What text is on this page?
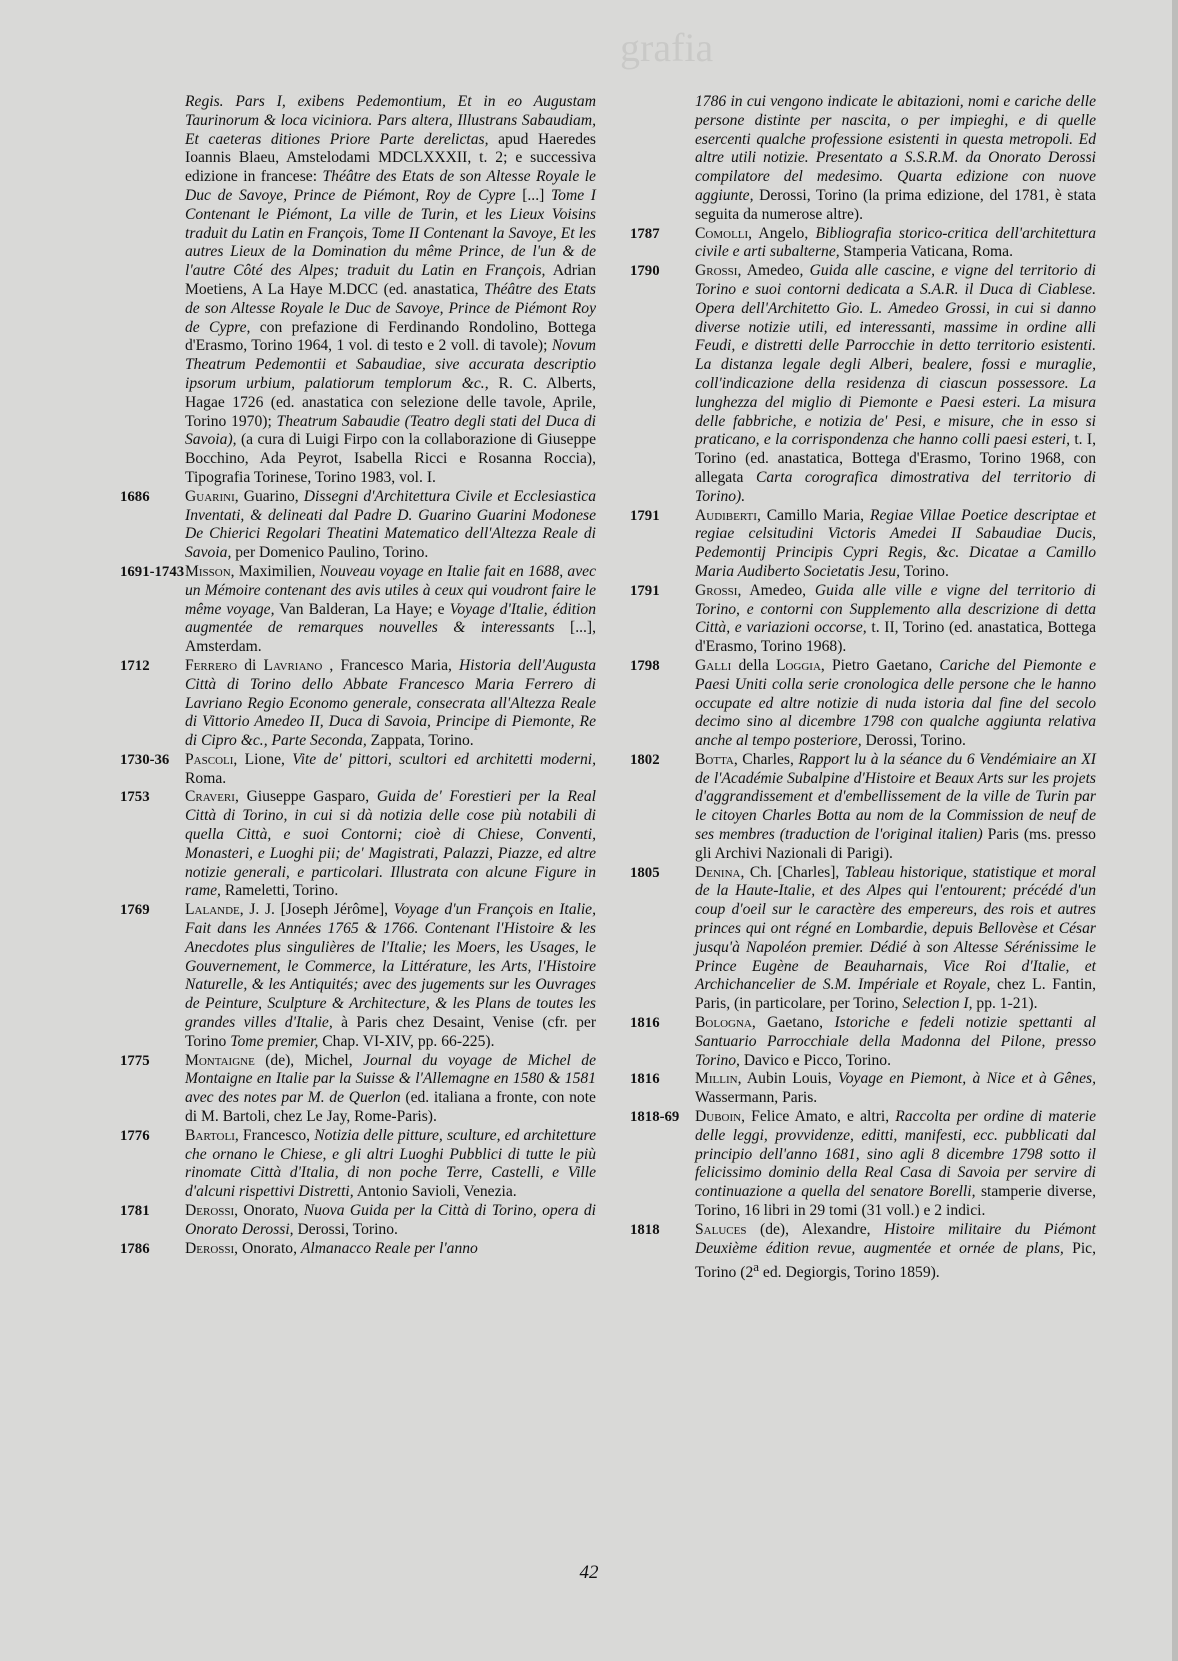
grafia
Regis. Pars I, exibens Pedemontium, Et in eo Augustam Taurinorum & loca viciniora. Pars altera, Illustrans Sabaudiam, Et caeteras ditiones Priore Parte derelictas, apud Haeredes Ioannis Blaeu, Amstelodami MDCLXXXII, t. 2; e successiva edizione in francese: Théâtre des Etats de son Altesse Royale le Duc de Savoye, Prince de Piémont, Roy de Cypre [...] Tome I Contenant le Piémont, La ville de Turin, et les Lieux Voisins traduit du Latin en François, Tome II Contenant la Savoye, Et les autres Lieux de la Domination du même Prince, de l'un & de l'autre Côté des Alpes; traduit du Latin en François, Adrian Moetiens, A La Haye M.DCC (ed. anastatica, Théâtre des Etats de son Altesse Royale le Duc de Savoye, Prince de Piémont Roy de Cypre, con prefazione di Ferdinando Rondolino, Bottega d'Erasmo, Torino 1964, 1 vol. di testo e 2 voll. di tavole); Novum Theatrum Pedemontii et Sabaudiae, sive accurata descriptio ipsorum urbium, palatiorum templorum &c., R. C. Alberts, Hagae 1726 (ed. anastatica con selezione delle tavole, Aprile, Torino 1970); Theatrum Sabaudie (Teatro degli stati del Duca di Savoia), (a cura di Luigi Firpo con la collaborazione di Giuseppe Bocchino, Ada Peyrot, Isabella Ricci e Rosanna Roccia), Tipografia Torinese, Torino 1983, vol. I.
1686	Guarini, Guarino, Dissegni d'Architettura Civile et Ecclesiastica Inventati, & delineati dal Padre D. Guarino Guarini Modonese De Chierici Regolari Theatini Matematico dell'Altezza Reale di Savoia, per Domenico Paulino, Torino.
1691-1743 Misson, Maximilien, Nouveau voyage en Italie fait en 1688, avec un Mémoire contenant des avis utiles à ceux qui voudront faire le même voyage, Van Balderan, La Haye; e Voyage d'Italie, édition augmentée de remarques nouvelles & interessants [...], Amsterdam.
1712	Ferrero di Lavriano , Francesco Maria, Historia dell'Augusta Città di Torino dello Abbate Francesco Maria Ferrero di Lavriano Regio Economo generale, consecrata all'Altezza Reale di Vittorio Amedeo II, Duca di Savoia, Principe di Piemonte, Re di Cipro &c., Parte Seconda, Zappata, Torino.
1730-36	Pascoli, Lione, Vite de' pittori, scultori ed architetti moderni, Roma.
1753	Craveri, Giuseppe Gasparo, Guida de' Forestieri per la Real Città di Torino, in cui si dà notizia delle cose più notabili di quella Città, e suoi Contorni; cioè di Chiese, Conventi, Monasteri, e Luoghi pii; de' Magistrati, Palazzi, Piazze, ed altre notizie generali, e particolari. Illustrata con alcune Figure in rame, Rameletti, Torino.
1769	Lalande, J. J. [Joseph Jérôme], Voyage d'un François en Italie, Fait dans les Années 1765 & 1766. Contenant l'Histoire & les Anecdotes plus singulières de l'Italie; les Moers, les Usages, le Gouvernement, le Commerce, la Littérature, les Arts, l'Histoire Naturelle, & les Antiquités; avec des jugements sur les Ouvrages de Peinture, Sculpture & Architecture, & les Plans de toutes les grandes villes d'Italie, à Paris chez Desaint, Venise (cfr. per Torino Tome premier, Chap. VI-XIV, pp. 66-225).
1775	Montaigne (de), Michel, Journal du voyage de Michel de Montaigne en Italie par la Suisse & l'Allemagne en 1580 & 1581 avec des notes par M. de Querlon (ed. italiana a fronte, con note di M. Bartoli, chez Le Jay, Rome-Paris).
1776	Bartoli, Francesco, Notizia delle pitture, sculture, ed architetture che ornano le Chiese, e gli altri Luoghi Pubblici di tutte le più rinomate Città d'Italia, di non poche Terre, Castelli, e Ville d'alcuni rispettivi Distretti, Antonio Savioli, Venezia.
1781	Derossi, Onorato, Nuova Guida per la Città di Torino, opera di Onorato Derossi, Derossi, Torino.
1786	Derossi, Onorato, Almanacco Reale per l'anno
1786 in cui vengono indicate le abitazioni, nomi e cariche delle persone distinte per nascita, o per impieghi, e di quelle esercenti qualche professione esistenti in questa metropoli. Ed altre utili notizie. Presentato a S.S.R.M. da Onorato Derossi compilatore del medesimo. Quarta edizione con nuove aggiunte, Derossi, Torino (la prima edizione, del 1781, è stata seguita da numerose altre).
1787	Comolli, Angelo, Bibliografia storico-critica dell'architettura civile e arti subalterne, Stamperia Vaticana, Roma.
1790	Grossi, Amedeo, Guida alle cascine, e vigne del territorio di Torino e suoi contorni dedicata a S.A.R. il Duca di Ciablese. Opera dell'Architetto Gio. L. Amedeo Grossi, in cui si danno diverse notizie utili, ed interessanti, massime in ordine alli Feudi, e distretti delle Parrocchie in detto territorio esistenti. La distanza legale degli Alberi, bealere, fossi e muraglie, coll'indicazione della residenza di ciascun possessore. La lunghezza del miglio di Piemonte e Paesi esteri. La misura delle fabbriche, e notizia de' Pesi, e misure, che in esso si praticano, e la corrispondenza che hanno colli paesi esteri, t. I, Torino (ed. anastatica, Bottega d'Erasmo, Torino 1968, con allegata Carta corografica dimostrativa del territorio di Torino).
1791	Audiberti, Camillo Maria, Regiae Villae Poetice descriptae et regiae celsitudini Victoris Amedei II Sabaudiae Ducis, Pedemontij Principis Cypri Regis, &c. Dicatae a Camillo Maria Audiberto Societatis Jesu, Torino.
1791	Grossi, Amedeo, Guida alle ville e vigne del territorio di Torino, e contorni con Supplemento alla descrizione di detta Città, e variazioni occorse, t. II, Torino (ed. anastatica, Bottega d'Erasmo, Torino 1968).
1798	Galli della Loggia, Pietro Gaetano, Cariche del Piemonte e Paesi Uniti colla serie cronologica delle persone che le hanno occupate ed altre notizie di nuda istoria dal fine del secolo decimo sino al dicembre 1798 con qualche aggiunta relativa anche al tempo posteriore, Derossi, Torino.
1802	Botta, Charles, Rapport lu à la séance du 6 Vendémiaire an XI de l'Académie Subalpine d'Histoire et Beaux Arts sur les projets d'aggrandissement et d'embellissement de la ville de Turin par le citoyen Charles Botta au nom de la Commission de neuf de ses membres (traduction de l'original italien) Paris (ms. presso gli Archivi Nazionali di Parigi).
1805	Denina, Ch. [Charles], Tableau historique, statistique et moral de la Haute-Italie, et des Alpes qui l'entourent; précédé d'un coup d'oeil sur le caractère des empereurs, des rois et autres princes qui ont régné en Lombardie, depuis Bellovèse et César jusqu'à Napoléon premier. Dédié à son Altesse Sérénissime le Prince Eugène de Beauharnais, Vice Roi d'Italie, et Archichancelier de S.M. Impériale et Royale, chez L. Fantin, Paris, (in particolare, per Torino, Selection I, pp. 1-21).
1816	Bologna, Gaetano, Istoriche e fedeli notizie spettanti al Santuario Parrocchiale della Madonna del Pilone, presso Torino, Davico e Picco, Torino.
1816	Millin, Aubin Louis, Voyage en Piemont, à Nice et à Gênes, Wassermann, Paris.
1818-69	Duboin, Felice Amato, e altri, Raccolta per ordine di materie delle leggi, provvidenze, editti, manifesti, ecc. pubblicati dal principio dell'anno 1681, sino agli 8 dicembre 1798 sotto il felicissimo dominio della Real Casa di Savoia per servire di continuazione a quella del senatore Borelli, stamperie diverse, Torino, 16 libri in 29 tomi (31 voll.) e 2 indici.
1818	Saluces (de), Alexandre, Histoire militaire du Piémont Deuxième édition revue, augmentée et ornée de plans, Pic, Torino (2$^a$ ed. Degiorgis, Torino 1859).
42
